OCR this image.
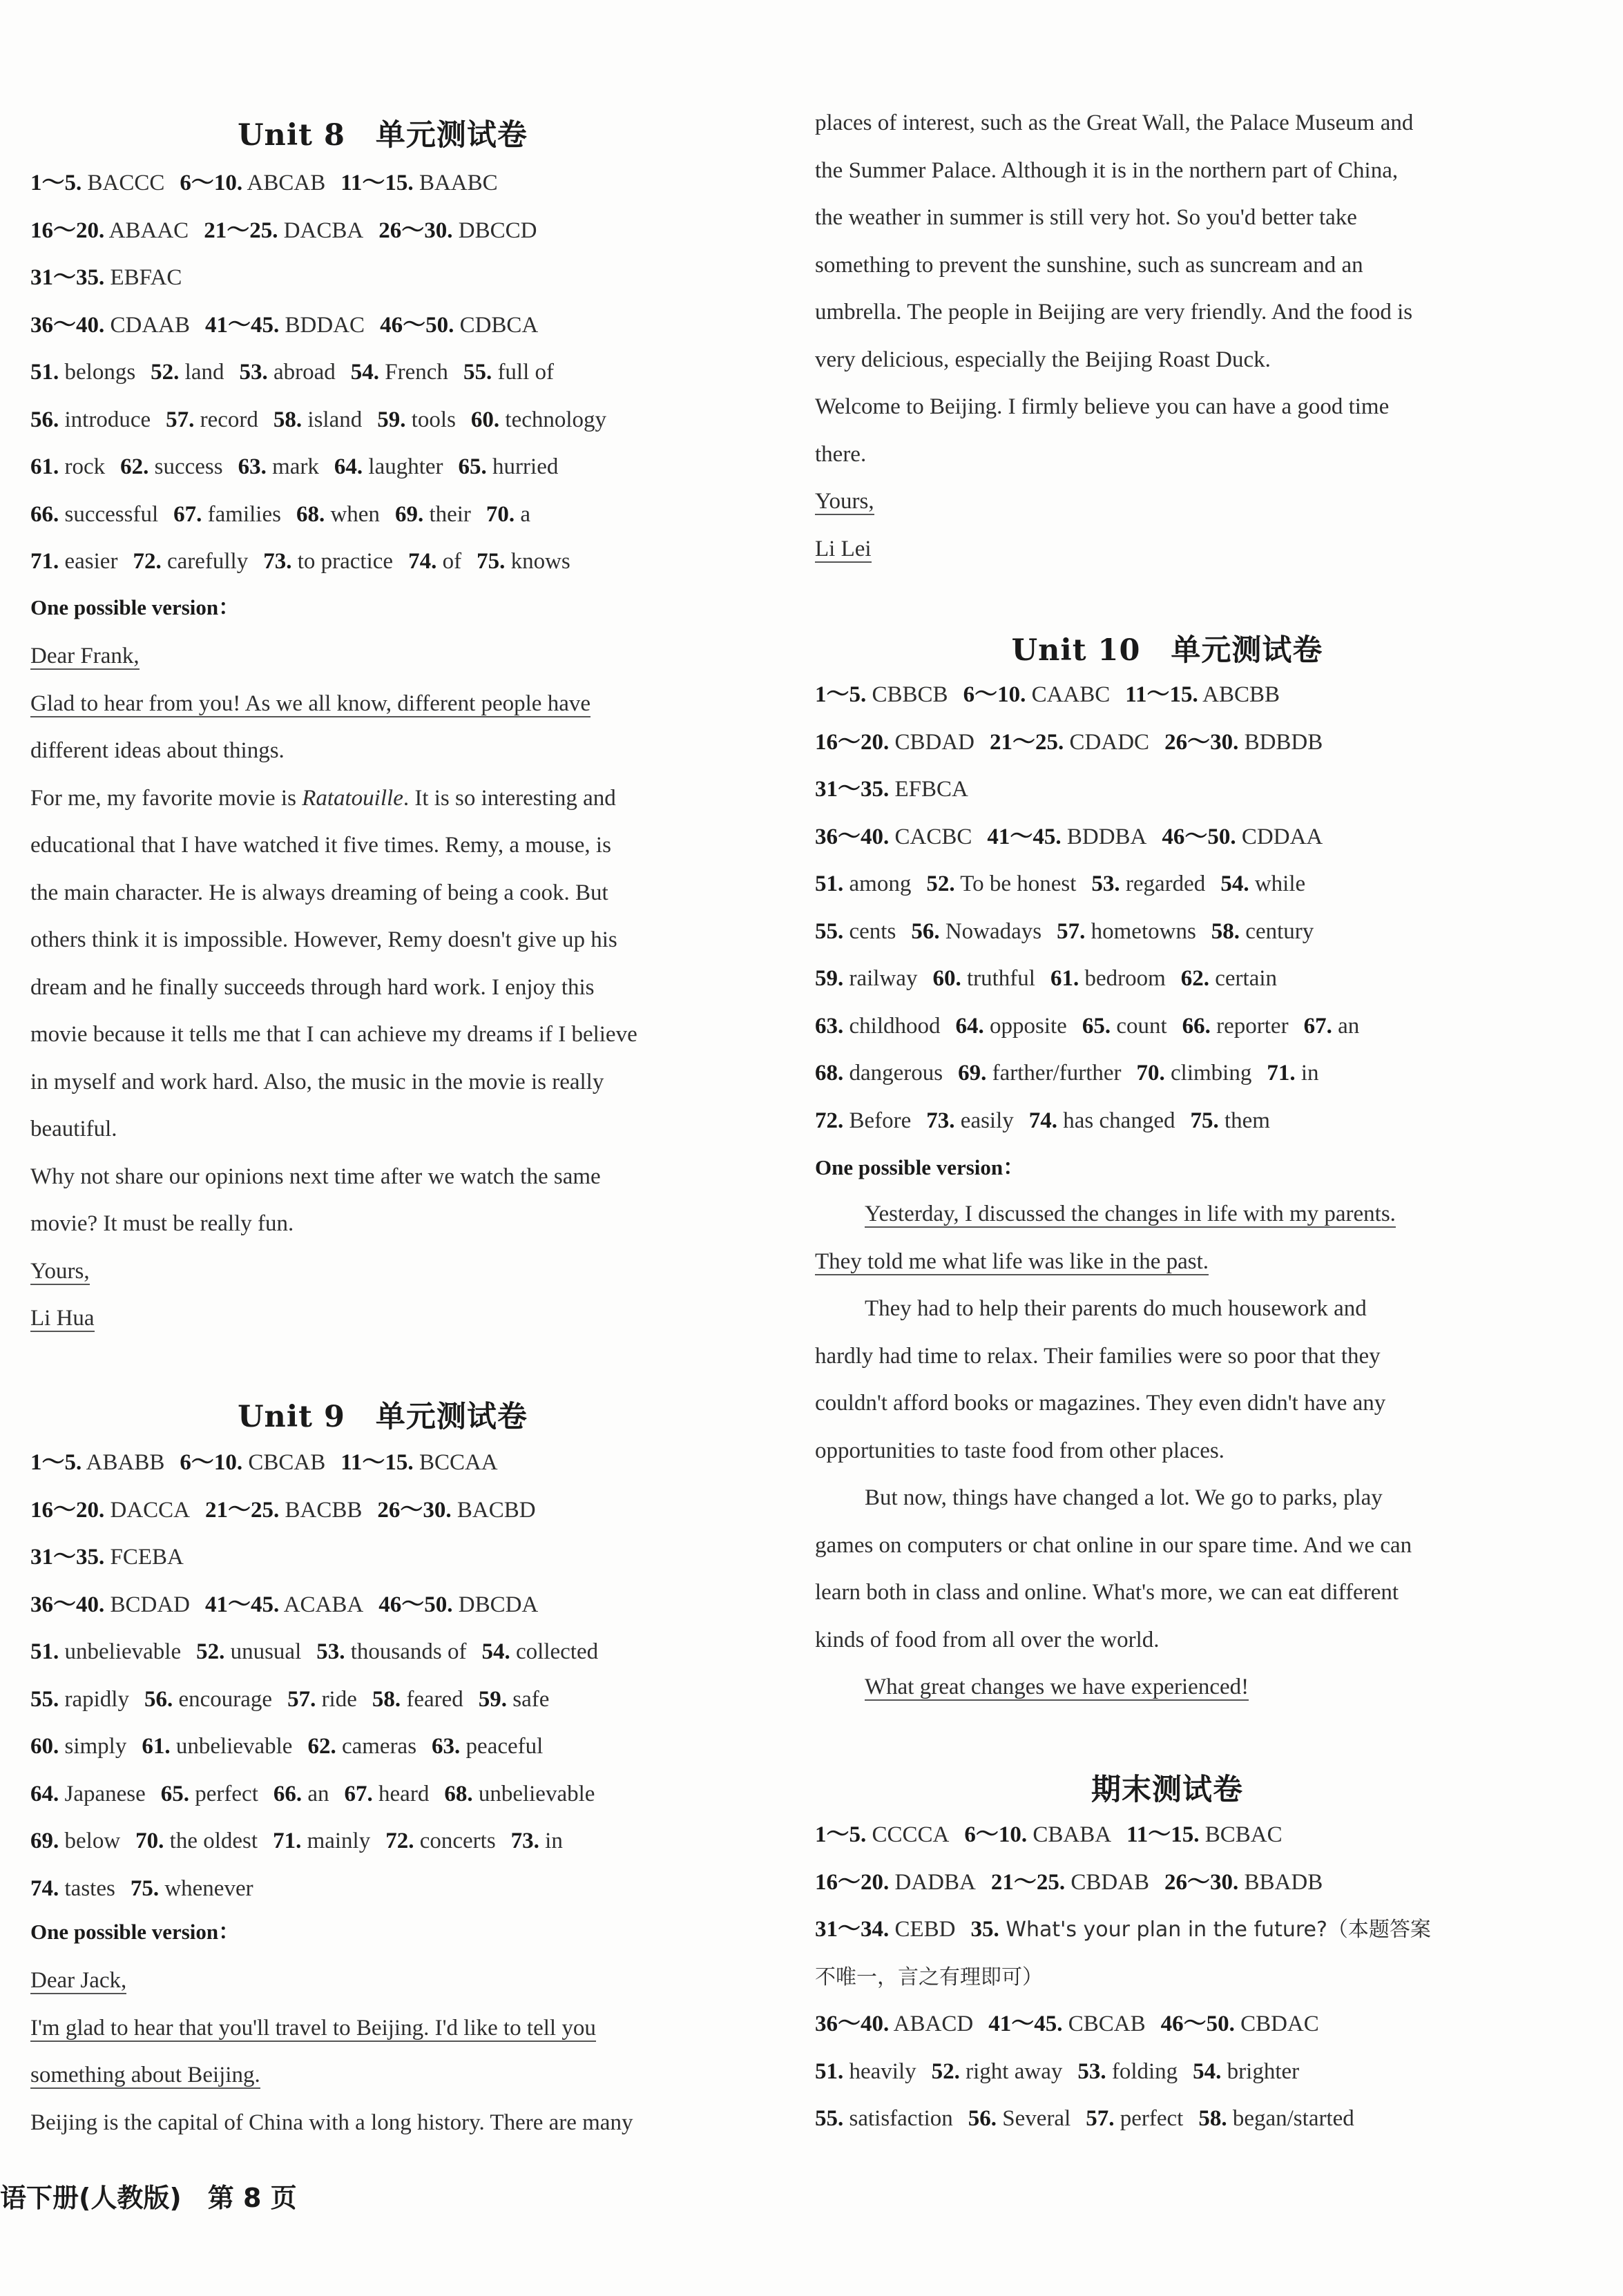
Unit 8　单元测试卷
1～5. BACCC 6～10. ABCAB 11～15. BAABC
16～20. ABAAC 21～25. DACBA 26～30. DBCCD
31～35. EBFAC
36～40. CDAAB 41～45. BDDAC 46～50. CDBCA
51. belongs 52. land 53. abroad 54. French 55. full of
56. introduce 57. record 58. island 59. tools 60. technology
61. rock 62. success 63. mark 64. laughter 65. hurried
66. successful 67. families 68. when 69. their 70. a
71. easier 72. carefully 73. to practice 74. of 75. knows
One possible version：
Dear Frank,
Glad to hear from you! As we all know, different people have
different ideas about things.
For me, my favorite movie is Ratatouille. It is so interesting and
educational that I have watched it five times. Remy, a mouse, is
the main character. He is always dreaming of being a cook. But
others think it is impossible. However, Remy doesn't give up his
dream and he finally succeeds through hard work. I enjoy this
movie because it tells me that I can achieve my dreams if I believe
in myself and work hard. Also, the music in the movie is really
beautiful.
Why not share our opinions next time after we watch the same
movie? It must be really fun.
Yours,
Li Hua
Unit 9　单元测试卷
1～5. ABABB 6～10. CBCAB 11～15. BCCAA
16～20. DACCA 21～25. BACBB 26～30. BACBD
31～35. FCEBA
36～40. BCDAD 41～45. ACABA 46～50. DBCDA
51. unbelievable 52. unusual 53. thousands of 54. collected
55. rapidly 56. encourage 57. ride 58. feared 59. safe
60. simply 61. unbelievable 62. cameras 63. peaceful
64. Japanese 65. perfect 66. an 67. heard 68. unbelievable
69. below 70. the oldest 71. mainly 72. concerts 73. in
74. tastes 75. whenever
One possible version：
Dear Jack,
I'm glad to hear that you'll travel to Beijing. I'd like to tell you
something about Beijing.
Beijing is the capital of China with a long history. There are many
语下册(人教版)　第 8 页
places of interest, such as the Great Wall, the Palace Museum and
the Summer Palace. Although it is in the northern part of China,
the weather in summer is still very hot. So you'd better take
something to prevent the sunshine, such as suncream and an
umbrella. The people in Beijing are very friendly. And the food is
very delicious, especially the Beijing Roast Duck.
Welcome to Beijing. I firmly believe you can have a good time
there.
Yours,
Li Lei
Unit 10　单元测试卷
1～5. CBBCB 6～10. CAABC 11～15. ABCBB
16～20. CBDAD 21～25. CDADC 26～30. BDBDB
31～35. EFBCA
36～40. CACBC 41～45. BDDBA 46～50. CDDAA
51. among 52. To be honest 53. regarded 54. while
55. cents 56. Nowadays 57. hometowns 58. century
59. railway 60. truthful 61. bedroom 62. certain
63. childhood 64. opposite 65. count 66. reporter 67. an
68. dangerous 69. farther/further 70. climbing 71. in
72. Before 73. easily 74. has changed 75. them
One possible version：
Yesterday, I discussed the changes in life with my parents.
They told me what life was like in the past.
They had to help their parents do much housework and
hardly had time to relax. Their families were so poor that they
couldn't afford books or magazines. They even didn't have any
opportunities to taste food from other places.
But now, things have changed a lot. We go to parks, play
games on computers or chat online in our spare time. And we can
learn both in class and online. What's more, we can eat different
kinds of food from all over the world.
What great changes we have experienced!
期末测试卷
1～5. CCCCA 6～10. CBABA 11～15. BCBAC
16～20. DADBA 21～25. CBDAB 26～30. BBADB
31～34. CEBD 35. What's your plan in the future?（本题答案
不唯一，言之有理即可）
36～40. ABACD 41～45. CBCAB 46～50. CBDAC
51. heavily 52. right away 53. folding 54. brighter
55. satisfaction 56. Several 57. perfect 58. began/started
